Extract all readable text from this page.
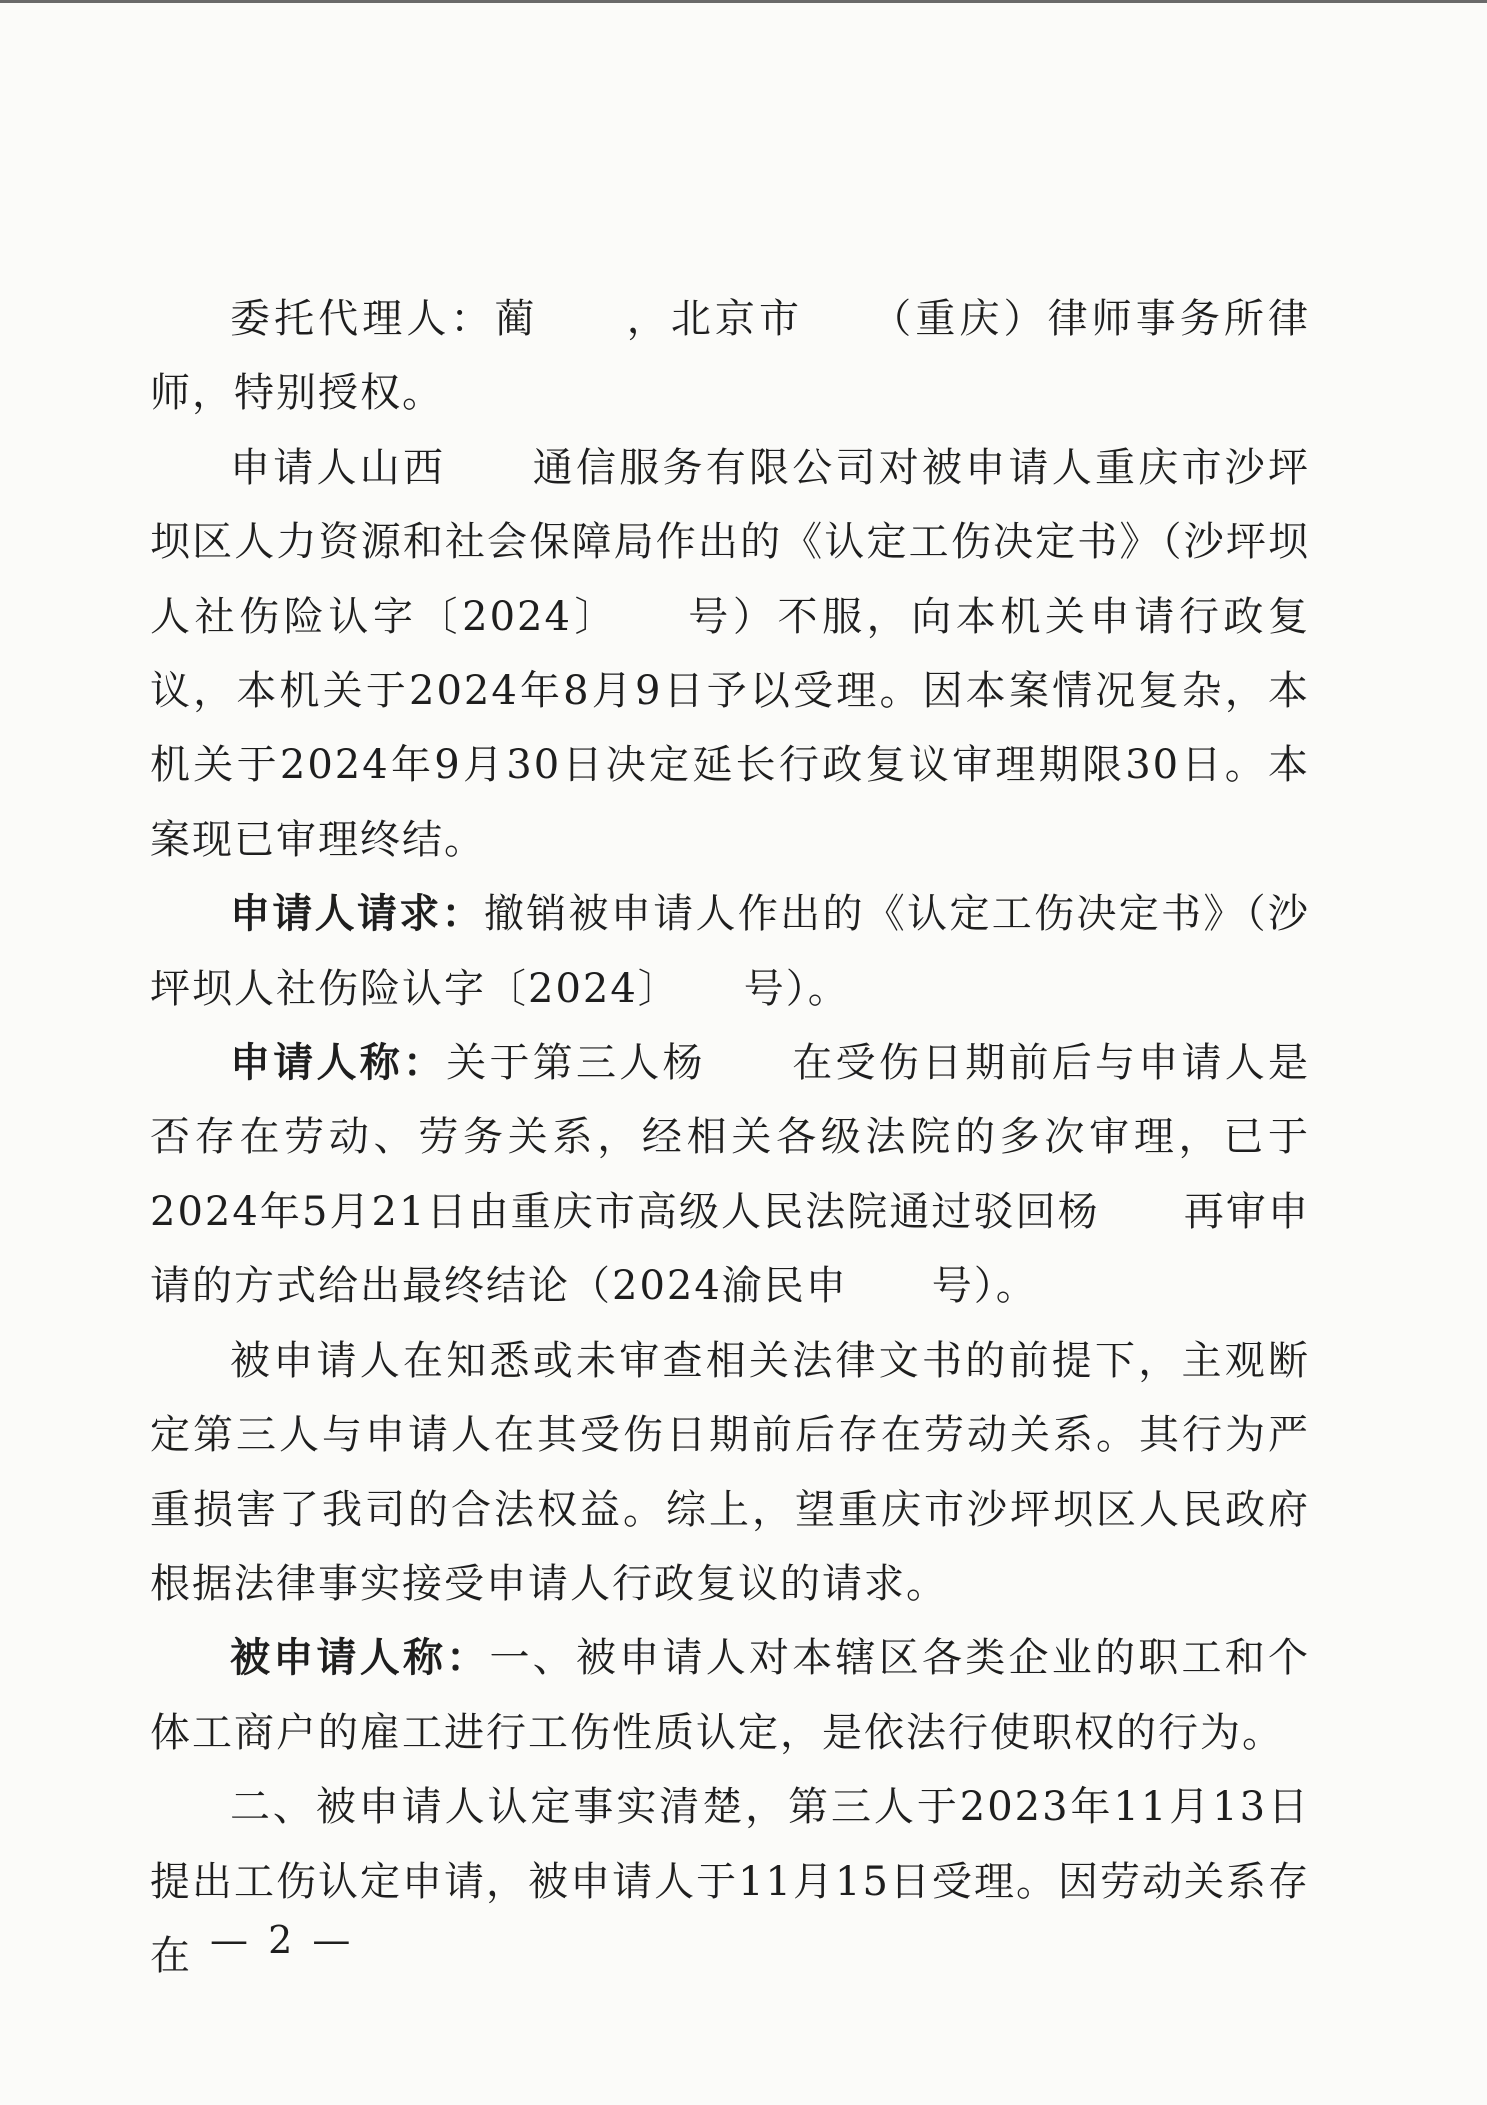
委托代理人：蔺　　，北京市　　（重庆）律师事务所律师，特别授权。

申请人山西　　通信服务有限公司对被申请人重庆市沙坪坝区人力资源和社会保障局作出的《认定工伤决定书》（沙坪坝人社伤险认字〔2024〕　　号）不服，向本机关申请行政复议，本机关于2024年8月9日予以受理。因本案情况复杂，本机关于2024年9月30日决定延长行政复议审理期限30日。本案现已审理终结。

申请人请求：撤销被申请人作出的《认定工伤决定书》（沙坪坝人社伤险认字〔2024〕　　号）。

申请人称：关于第三人杨　　在受伤日期前后与申请人是否存在劳动、劳务关系，经相关各级法院的多次审理，已于2024年5月21日由重庆市高级人民法院通过驳回杨　　再审申请的方式给出最终结论（2024渝民申　　号）。

被申请人在知悉或未审查相关法律文书的前提下，主观断定第三人与申请人在其受伤日期前后存在劳动关系。其行为严重损害了我司的合法权益。综上，望重庆市沙坪坝区人民政府根据法律事实接受申请人行政复议的请求。

被申请人称：一、被申请人对本辖区各类企业的职工和个体工商户的雇工进行工伤性质认定，是依法行使职权的行为。

二、被申请人认定事实清楚，第三人于2023年11月13日提出工伤认定申请，被申请人于11月15日受理。因劳动关系存在 — 2 —
